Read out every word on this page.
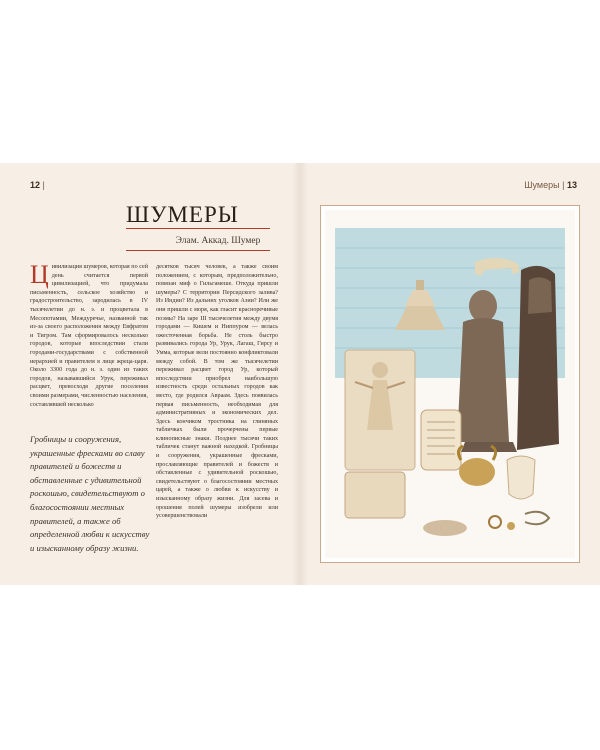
12 |
ШУМЕРЫ
Элам. Аккад. Шумер

Цивилизация шумеров, которая по сей день считается первой цивилизацией, что придумала письменность, сельское хозяйство и градостроительство, зародилась в IV тысячелетии до н. э. и процветала в Месопотамии, Междуречье, названной так из-за своего расположения между Евфратом и Тигром. Там сформировалось несколько городов, которые впоследствии стали городами-государствами с собственной иерархией и правителем в лице жреца-царя. Около 3300 года до н. э. один из таких городов, называвшийся Урук, переживал расцвет, превосходя другие поселения своими размерами, численностью населения, составлявшей несколько

Гробницы и сооружения, украшенные фресками во славу правителей и божеств и обставленные с удивительной роскошью, свидетельствуют о благосостоянии местных правителей, а также об определенной любви к искусству и изысканному образу жизни.

десятков тысяч человек, а также своим положением, с которым, предположительно, повязан миф о Гильгамеше. Откуда пришли шумеры? С территории Персидского залива? Из Индии? Из дальних уголков Азии? Или же они пришли с моря, как гласит красноречивые поэмы? На заре III тысячелетия между двумя городами — Кишем и Ниппуром — велась ожесточенная борьба. Не столь быстро развивались города Ур, Урук, Лагаш, Гирсу и Умма, которые вели постоянно конфликтовали между собой. В том же тысячелетии переживал расцвет город Ур, который впоследствии приобрел наибольшую известность среди остальных городов как место, где родился Авраам. Здесь появилась первая письменность, необходимая для административных и экономических дел. Здесь кончиком тростника на глиняных табличках были прочерчены первые клинописные знаки. Позднее тысячи таких табличек станут важной находкой. Гробницы и сооружения, украшенные фресками, прославляющие правителей и божеств и обставленные с удивительной роскошью, свидетельствуют о благосостоянии местных царей, а также о любви к искусству и изысканному образу жизни. Для засева и орошения полей шумеры изобрели или усовершенствовали

Шумеры | 13
